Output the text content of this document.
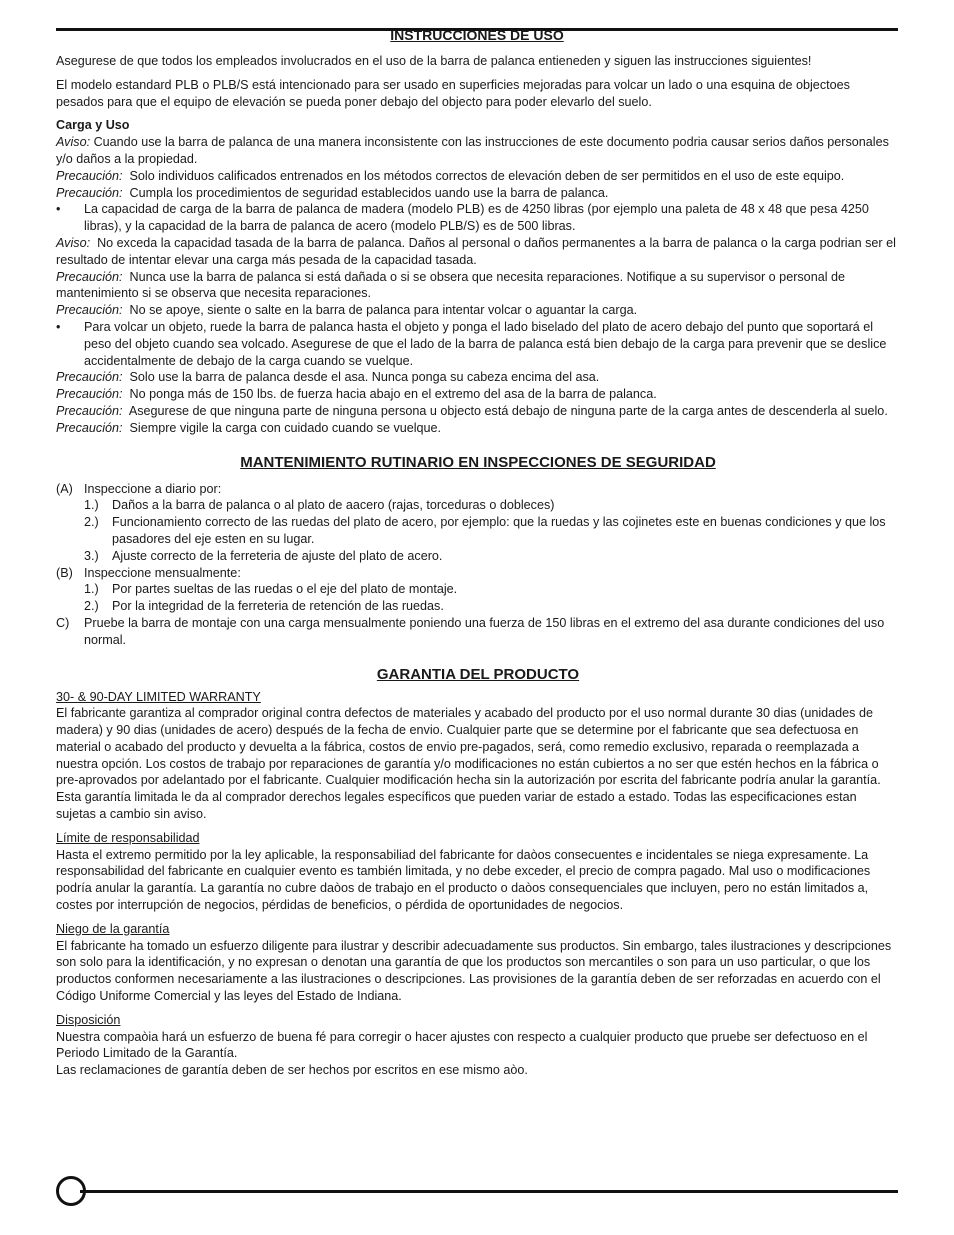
INSTRUCCIONES DE USO

Asegurese de que todos los empleados involucrados en el uso de la barra de palanca entieneden y siguen las instrucciones siguientes!

El modelo estandard PLB o PLB/S está intencionado para ser usado en superficies mejoradas para volcar un lado o una esquina de objectoes pesados para que el equipo de elevación se pueda poner debajo del objecto para poder elevarlo del suelo.

Carga y Uso

Aviso: Cuando use la barra de palanca de una manera inconsistente con las instrucciones de este documento podria causar serios daños personales y/o daños a la propiedad.

Precaución:  Solo individuos calificados entrenados en los métodos correctos de elevación deben de ser permitidos en el uso de este equipo.

Precaución:  Cumpla los procedimientos de seguridad establecidos uando use la barra de palanca.

• La capacidad de carga de la barra de palanca de madera (modelo PLB) es de 4250 libras (por ejemplo una paleta de 48 x 48 que pesa 4250 libras), y la capacidad de la barra de palanca de acero (modelo PLB/S) es de 500 libras.

Aviso:  No exceda la capacidad tasada de la barra de palanca. Daños al personal o daños permanentes a la barra de palanca o la carga podrian ser el resultado de intentar elevar una carga más pesada de la capacidad tasada.

Precaución:  Nunca use la barra de palanca si está dañada o si se obsera que necesita reparaciones. Notifique a su supervisor o personal de mantenimiento si se observa que necesita reparaciones.

Precaución:  No se apoye, siente o salte en la barra de palanca para intentar volcar o aguantar la carga.

• Para volcar un objeto, ruede la barra de palanca hasta el objeto y ponga el lado biselado del plato de acero debajo del punto que soportará el peso del objeto cuando sea volcado. Asegurese de que el lado de la barra de palanca está bien debajo de la carga para prevenir que se deslice accidentalmente de debajo de la carga cuando se vuelque.

Precaución:  Solo use la barra de palanca desde el asa. Nunca ponga su cabeza encima del asa.

Precaución:  No ponga más de 150 lbs. de fuerza hacia abajo en el extremo del asa de la barra de palanca.

Precaución:  Asegurese de que ninguna parte de ninguna persona u objecto está debajo de ninguna parte de la carga antes de descenderla al suelo.

Precaución:  Siempre vigile la carga con cuidado cuando se vuelque.

MANTENIMIENTO RUTINARIO EN INSPECCIONES DE SEGURIDAD

(A) Inspeccione a diario por:

1.) Daños a la barra de palanca o al plato de aacero (rajas, torceduras o dobleces)

2.) Funcionamiento correcto de las ruedas del plato de acero, por ejemplo: que la ruedas y las cojinetes este en buenas condiciones y que los pasadores del eje esten en su lugar.

3.) Ajuste correcto de la ferreteria de ajuste del plato de acero.

(B) Inspeccione mensualmente:

1.) Por partes sueltas de las ruedas o el eje del plato de montaje.

2.) Por la integridad de la ferreteria de retención de las ruedas.

C) Pruebe la barra de montaje con una carga mensualmente poniendo una fuerza de 150 libras en el extremo del asa durante condiciones del uso normal.

GARANTIA DEL PRODUCTO

30- & 90-DAY LIMITED WARRANTY

El fabricante garantiza al comprador original contra defectos de materiales y acabado del producto por el uso normal durante 30 dias (unidades de madera) y 90 dias (unidades de acero) después de la fecha de envio. Cualquier parte que se determine por el fabricante que sea defectuosa en material o acabado del producto y devuelta a la fábrica, costos de envio pre-pagados, será, como remedio exclusivo, reparada o reemplazada a nuestra opción. Los costos de trabajo por reparaciones de garantía y/o modificaciones no están cubiertos a no ser que estén hechos en la fábrica o pre-aprovados por adelantado por el fabricante. Cualquier modificación hecha sin la autorización por escrita del fabricante podría anular la garantía. Esta garantía limitada le da al comprador derechos legales específicos que pueden variar de estado a estado. Todas las especificaciones estan sujetas a cambio sin aviso.

Límite de responsabilidad

Hasta el extremo permitido por la ley aplicable, la responsabiliad del fabricante for daòos consecuentes e incidentales se niega expresamente. La responsabilidad del fabricante en cualquier evento es también limitada, y no debe exceder, el precio de compra pagado. Mal uso o modificaciones podría anular la garantía. La garantía no cubre daòos de trabajo en el producto o daòos consequenciales que incluyen, pero no están limitados a, costes por interrupción de negocios, pérdidas de beneficios, o pérdida de oportunidades de negocios.

Niego de la garantía

El fabricante ha tomado un esfuerzo diligente para ilustrar y describir adecuadamente sus productos. Sin embargo, tales ilustraciones y descripciones son solo para la identificación, y no expresan o denotan una garantía de que los productos son mercantiles o son para un uso particular, o que los productos conformen necesariamente a las ilustraciones o descripciones. Las provisiones de la garantía deben de ser reforzadas en acuerdo con el Código Uniforme Comercial y las leyes del Estado de Indiana.

Disposición

Nuestra compaòia hará un esfuerzo de buena fé para corregir o hacer ajustes con respecto a cualquier producto que pruebe ser defectuoso en el Periodo Limitado de la Garantía.
Las reclamaciones de garantía deben de ser hechos por escritos en ese mismo aòo.
